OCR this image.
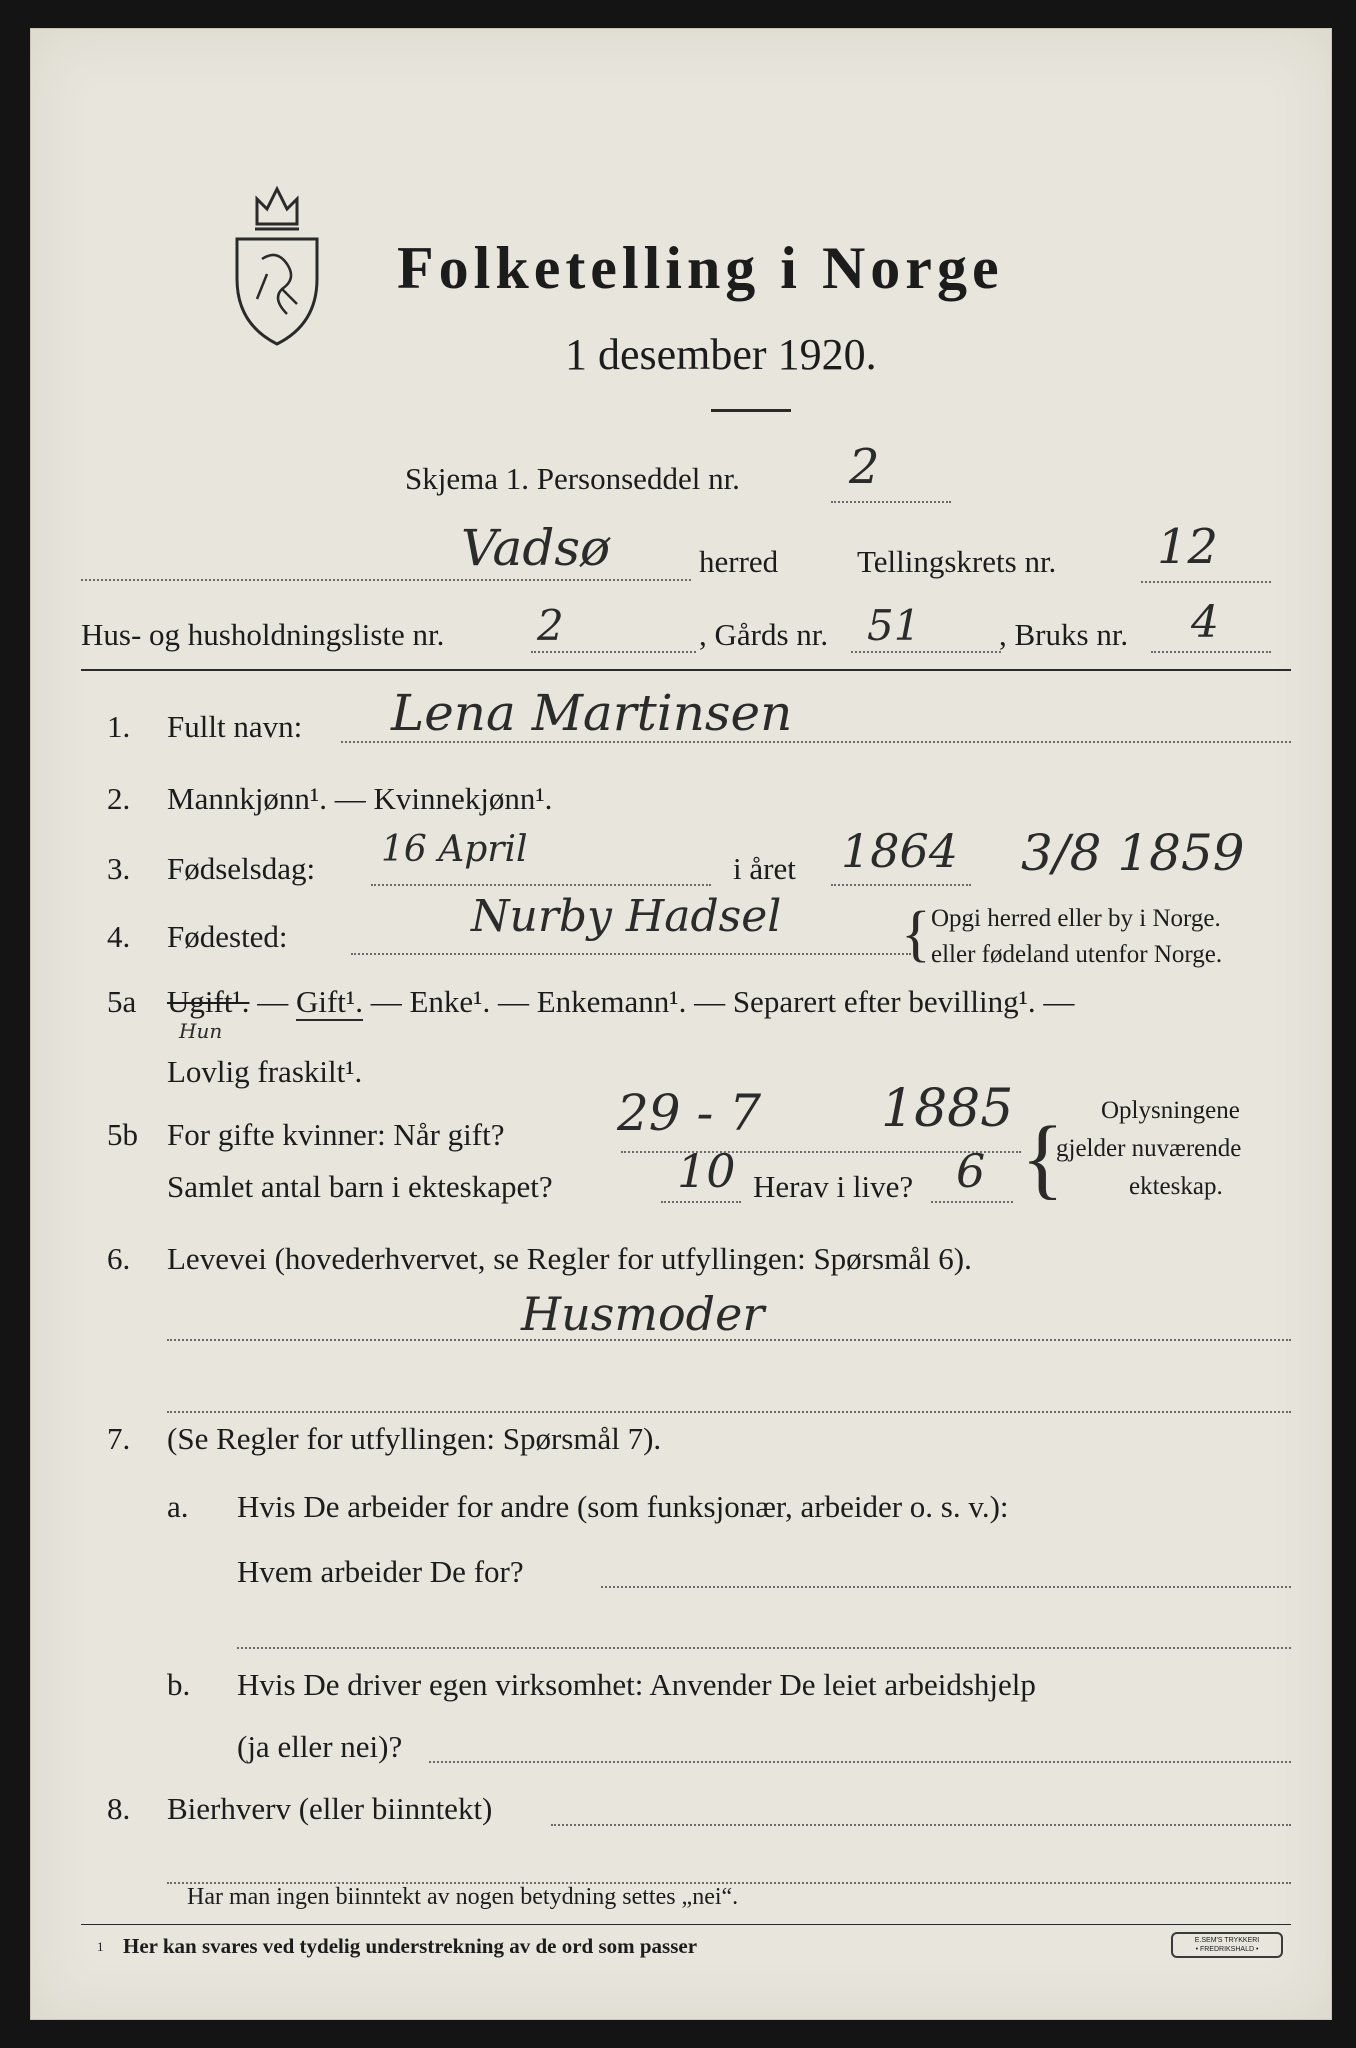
Folketelling i Norge
1 desember 1920.
Skjema 1. Personseddel nr. 2
Vadsø	herred	Tellingskrets nr. 12
Hus- og husholdningsliste nr. 2	, Gårds nr. 51	, Bruks nr. 4
1. Fullt navn: Lena Martinsen
2. Mannkjønn¹. — Kvinnekjønn¹.
3. Fødselsdag: 16 April	i året 1864 3/8 1859
4. Fødested:	Nurby Hadsel { Opgi herred eller by i Norge.
eller fødeland utenfor Norge.
5a Ugift¹. — Gift¹. — Enke¹. — Enkemann¹. — Separert efter bevilling¹. —
Hun
Lovlig fraskilt¹.
5b For gifte kvinner: Når gift? 29 - 7 1885
Samlet antal barn i ekteskapet?	10 Herav i live? 6 { Oplysningene
gjelder nuværende
ekteskap.
6. Levevei (hovederhvervet, se Regler for utfyllingen: Spørsmål 6).
Husmoder
7. (Se Regler for utfyllingen: Spørsmål 7).
a. Hvis De arbeider for andre (som funksjonær, arbeider o. s. v.):
Hvem arbeider De for?
b. Hvis De driver egen virksomhet: Anvender De leiet arbeidshjelp
(ja eller nei)?
8. Bierhverv (eller biinntekt)
Har man ingen biinntekt av nogen betydning settes „nei“.
1 Her kan svares ved tydelig understrekning av de ord som passer	E.SEM'S TRYKKERI
• FREDRIKSHALD •
